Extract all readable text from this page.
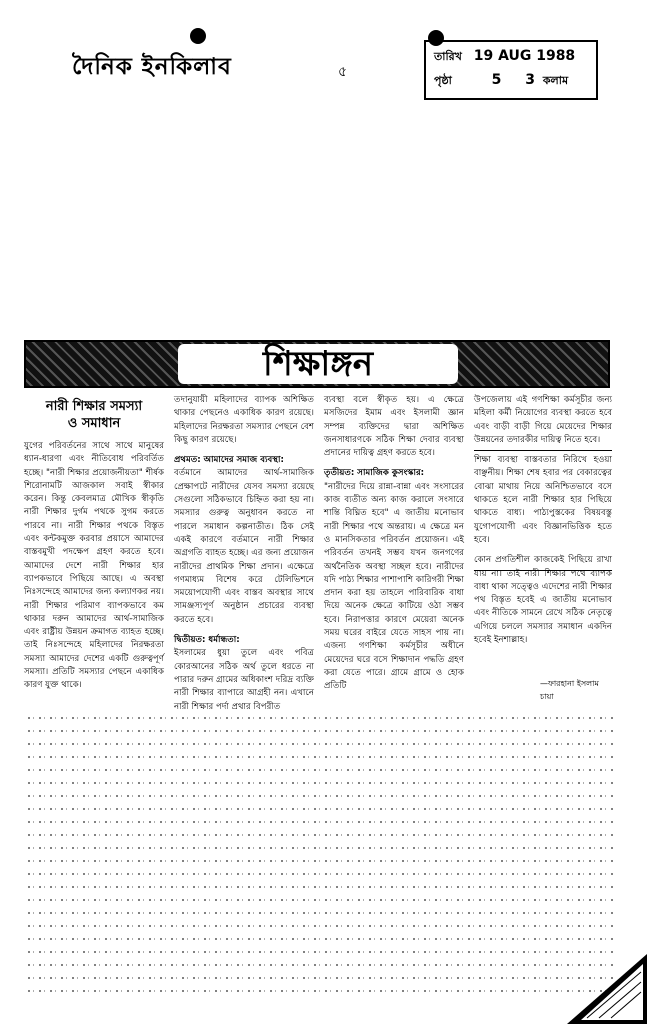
দৈনিক ইনকিলাব	৫
তারিখ 19 AUG 1988
পৃষ্ঠা	5 3 কলাম
শিক্ষাঙ্গন
নারী শিক্ষার সমস্যা
ও সমাধান
যুগের পরিবর্তনের সাথে সাথে মানুষের ধ্যান-ধারণা এবং নীতিবোধ পরিবর্তিত হচ্ছে। "নারী শিক্ষার প্রয়োজনীয়তা" শীর্ষক শিরোনামটি আজকাল সবাই স্বীকার করেন। কিন্তু কেবলমাত্র মৌখিক স্বীকৃতি নারী শিক্ষার দুর্গম পথকে সুগম করতে পারবে না। নারী শিক্ষার পথকে বিস্তৃত এবং কন্টকমুক্ত করবার প্রয়াসে আমাদের বাস্তবমুখী পদক্ষেপ গ্রহণ করতে হবে। আমাদের দেশে নারী শিক্ষার হার ব্যাপকভাবে পিছিয়ে আছে। এ অবস্থা নিঃসন্দেহে আমাদের জন্য কল্যাণকর নয়। নারী শিক্ষার পরিমাণ ব্যাপকভাবে কম থাকার দরুন আমাদের আর্থ-সামাজিক এবং রাষ্ট্রীয় উন্নয়ন ক্রমাগত ব্যাহত হচ্ছে। তাই নিঃসন্দেহে মহিলাদের নিরক্ষরতা সমস্যা আমাদের দেশের একটি গুরুত্বপূর্ণ সমস্যা। প্রতিটি সমস্যার পেছনে একাধিক কারণ যুক্ত থাকে।
তদানুযায়ী মহিলাদের ব্যাপক অশিক্ষিত থাকার পেছনেও একাধিক কারণ রয়েছে। মহিলাদের নিরক্ষরতা সমস্যার পেছনে বেশ কিছু কারণ রয়েছে।
প্রথমত: আমাদের সমাজ ব্যবস্থা:
বর্তমানে আমাদের আর্থ-সামাজিক প্রেক্ষাপটে নারীদের যেসব সমস্যা রয়েছে সেগুলো সঠিকভাবে চিহ্নিত করা হয় না। সমস্যার গুরুত্ব অনুধাবন করতে না পারলে সমাধান কল্পনাতীত। ঠিক সেই একই কারণে বর্তমানে নারী শিক্ষার অগ্রগতি ব্যাহত হচ্ছে। এর জন্য প্রয়োজন নারীদের প্রাথমিক শিক্ষা প্রদান। এক্ষেত্রে গণমাধ্যম বিশেষ করে টেলিভিশনে সময়োপযোগী এবং বাস্তব অবস্থার সাথে সামঞ্জস্যপূর্ণ অনুষ্ঠান প্রচারের ব্যবস্থা করতে হবে।
দ্বিতীয়ত: ধর্মান্ধতা:
ইসলামের ধুয়া তুলে এবং পবিত্র কোরআনের সঠিক অর্থ তুলে ধরতে না পারার দরুন গ্রামের অধিকাংশ দরিদ্র ব্যক্তি নারী শিক্ষার ব্যাপারে আগ্রহী নন। এখানে নারী শিক্ষার পর্দা প্রথার বিপরীত
ব্যবস্থা বলে স্বীকৃত হয়। এ ক্ষেত্রে মসজিদের ইমাম এবং ইসলামী জ্ঞান সম্পন্ন ব্যক্তিদের দ্বারা অশিক্ষিত জনসাধারণকে সঠিক শিক্ষা দেবার ব্যবস্থা প্রদানের দায়িত্ব গ্রহণ করতে হবে।
তৃতীয়ত: সামাজিক কুসংস্কার:
"নারীদের দিয়ে রান্না-বান্না এবং সংসারের কাজ ব্যতীত অন্য কাজ করালে সংসারে শান্তি বিঘ্নিত হবে" এ জাতীয় মনোভাব নারী শিক্ষার পথে অন্তরায়। এ ক্ষেত্রে মন ও মানসিকতার পরিবর্তন প্রয়োজন। এই পরিবর্তন তখনই সম্ভব যখন জনগণের অর্থনৈতিক অবস্থা সচ্ছল হবে। নারীদের যদি পাঠ্য শিক্ষার পাশাপাশি কারিগরী শিক্ষা প্রদান করা হয় তাহলে পারিবারিক বাধা দিয়ে অনেক ক্ষেত্রে কাটিয়ে ওঠা সম্ভব হবে। নিরাপত্তার কারণে মেয়েরা অনেক সময় ঘরের বাইরে যেতে সাহস পায় না। এজন্য গণশিক্ষা কর্মসূচীর অধীনে মেয়েদের ঘরে বসে শিক্ষাদান পদ্ধতি গ্রহণ করা যেতে পারে। গ্রামে গ্রামে ও হোক প্রতিটি
উপজেলায় এই গণশিক্ষা কর্মসূচীর জন্য মহিলা কর্মী নিয়োগের ব্যবস্থা করতে হবে এবং বাড়ী বাড়ী গিয়ে মেয়েদের শিক্ষার উন্নয়নের তদারকীর দায়িত্ব নিতে হবে।
শিক্ষা ব্যবস্থা বাস্তবতার নিরিখে হওয়া বাঞ্ছনীয়। শিক্ষা শেষ হবার পর বেকারত্বের বোঝা মাথায় নিয়ে অনিশ্চিতভাবে বসে থাকতে হলে নারী শিক্ষার হার পিছিয়ে থাকতে বাধ্য। পাঠ্যপুস্তকের বিষয়বস্তু যুগোপযোগী এবং বিজ্ঞানভিত্তিক হতে হবে।
কোন প্রগতিশীল কাজকেই পিছিয়ে রাখা যায় না। তাই নারী শিক্ষার পথে ব্যাপক বাধা থাকা সত্ত্বেও এদেশের নারী শিক্ষার পথ বিস্তৃত হবেই এ জাতীয় মনোভাব এবং নীতিকে সামনে রেখে সঠিক নেতৃত্বে এগিয়ে চললে সমস্যার সমাধান একদিন হবেই ইনশাল্লাহ।
—ফারহানা ইসলাম চায়া
